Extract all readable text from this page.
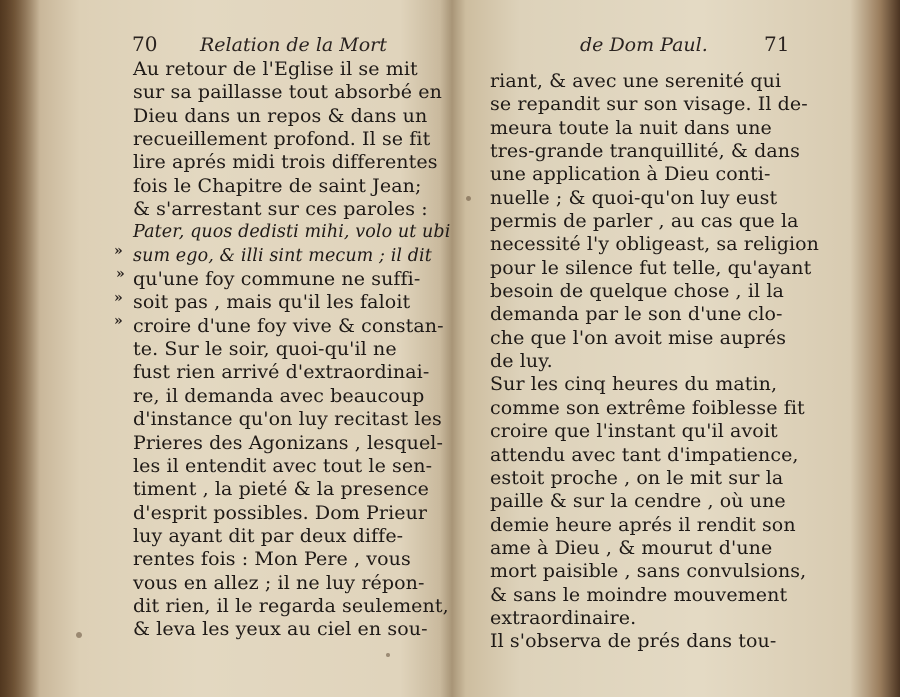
70 Relation de la Mort
»
»
»
»
Au retour de l'Eglise il se mit
sur sa paillasse tout absorbé en
Dieu dans un repos & dans un
recueillement profond. Il se fit
lire aprés midi trois differentes
fois le Chapitre de saint Jean;
& s'arrestant sur ces paroles :
Pater, quos dedisti mihi, volo ut ubi
sum ego, & illi sint mecum ; il dit
qu'une foy commune ne suffi-
soit pas , mais qu'il les faloit
croire d'une foy vive & constan-
te. Sur le soir, quoi-qu'il ne
fust rien arrivé d'extraordinai-
re, il demanda avec beaucoup
d'instance qu'on luy recitast les
Prieres des Agonizans , lesquel-
les il entendit avec tout le sen-
timent , la pieté & la presence
d'esprit possibles. Dom Prieur
luy ayant dit par deux diffe-
rentes fois : Mon Pere , vous
vous en allez ; il ne luy répon-
dit rien, il le regarda seulement,
& leva les yeux au ciel en sou-
de Dom Paul.	71
riant, & avec une serenité qui
se repandit sur son visage. Il de-
meura toute la nuit dans une
tres-grande tranquillité, & dans
une application à Dieu conti-
nuelle ; & quoi-qu'on luy eust
permis de parler , au cas que la
necessité l'y obligeast, sa religion
pour le silence fut telle, qu'ayant
besoin de quelque chose , il la
demanda par le son d'une clo-
che que l'on avoit mise auprés
de luy.
Sur les cinq heures du matin,
comme son extrême foiblesse fit
croire que l'instant qu'il avoit
attendu avec tant d'impatience,
estoit proche , on le mit sur la
paille & sur la cendre , où une
demie heure aprés il rendit son
ame à Dieu , & mourut d'une
mort paisible , sans convulsions,
& sans le moindre mouvement
extraordinaire.
Il s'observa de prés dans tou-
